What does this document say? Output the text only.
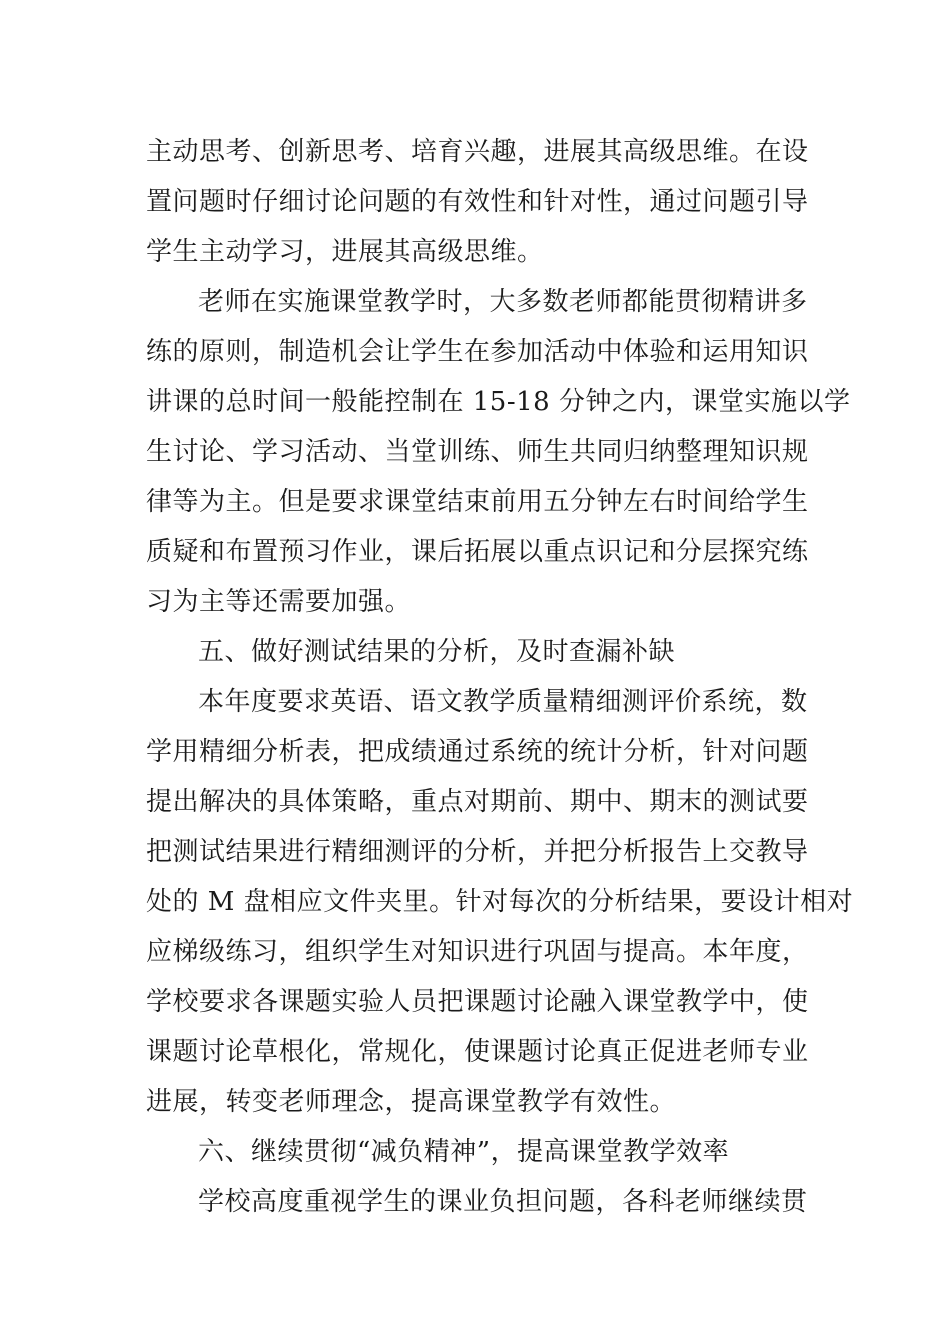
主动思考、创新思考、培育兴趣，进展其高级思维。在设
置问题时仔细讨论问题的有效性和针对性，通过问题引导
学生主动学习，进展其高级思维。
老师在实施课堂教学时，大多数老师都能贯彻精讲多
练的原则，制造机会让学生在参加活动中体验和运用知识
讲课的总时间一般能控制在 15-18 分钟之内，课堂实施以学
生讨论、学习活动、当堂训练、师生共同归纳整理知识规
律等为主。但是要求课堂结束前用五分钟左右时间给学生
质疑和布置预习作业，课后拓展以重点识记和分层探究练
习为主等还需要加强。
五、做好测试结果的分析，及时查漏补缺
本年度要求英语、语文教学质量精细测评价系统，数
学用精细分析表，把成绩通过系统的统计分析，针对问题
提出解决的具体策略，重点对期前、期中、期末的测试要
把测试结果进行精细测评的分析，并把分析报告上交教导
处的 M 盘相应文件夹里。针对每次的分析结果，要设计相对
应梯级练习，组织学生对知识进行巩固与提高。本年度，
学校要求各课题实验人员把课题讨论融入课堂教学中，使
课题讨论草根化，常规化，使课题讨论真正促进老师专业
进展，转变老师理念，提高课堂教学有效性。
六、继续贯彻“减负精神”，提高课堂教学效率
学校高度重视学生的课业负担问题，各科老师继续贯
